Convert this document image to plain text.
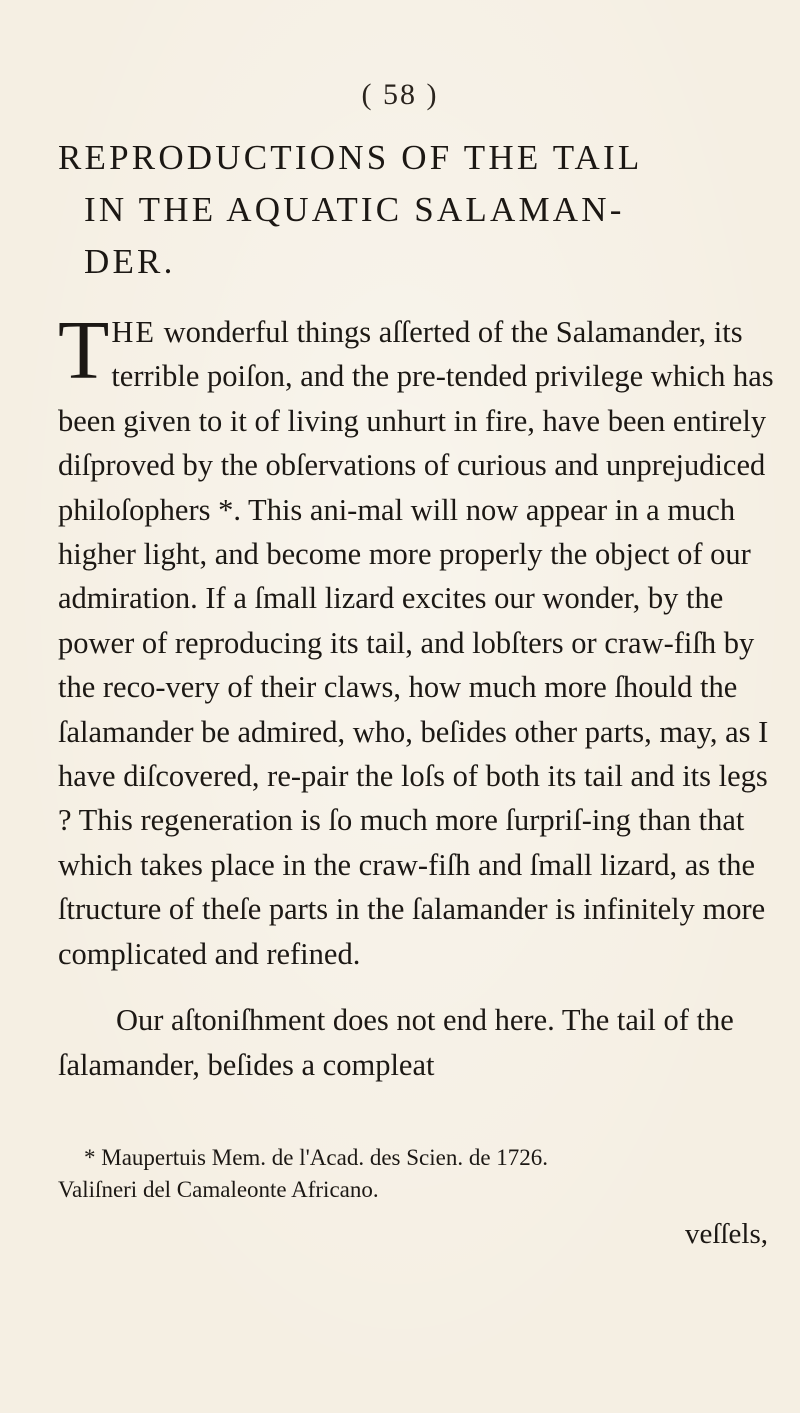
( 58 )
REPRODUCTIONS OF THE TAIL
IN THE AQUATIC SALAMAN-
DER.

THE wonderful things aſſerted of the Salamander, its terrible poiſon, and the pre-tended privilege which has been given to it of living unhurt in fire, have been entirely diſproved by the obſervations of curious and unprejudiced philoſophers *. This ani-mal will now appear in a much higher light, and become more properly the object of our admiration. If a ſmall lizard excites our wonder, by the power of reproducing its tail, and lobſters or craw-fiſh by the reco-very of their claws, how much more ſhould the ſalamander be admired, who, beſides other parts, may, as I have diſcovered, re-pair the loſs of both its tail and its legs ? This regeneration is ſo much more ſurpriſ-ing than that which takes place in the craw-fiſh and ſmall lizard, as the ſtructure of theſe parts in the ſalamander is infinitely more complicated and refined.

Our aſtoniſhment does not end here. The tail of the ſalamander, beſides a compleat

* Maupertuis Mem. de l'Acad. des Scien. de 1726.
Valiſneri del Camaleonte Africano.
veſſels,
